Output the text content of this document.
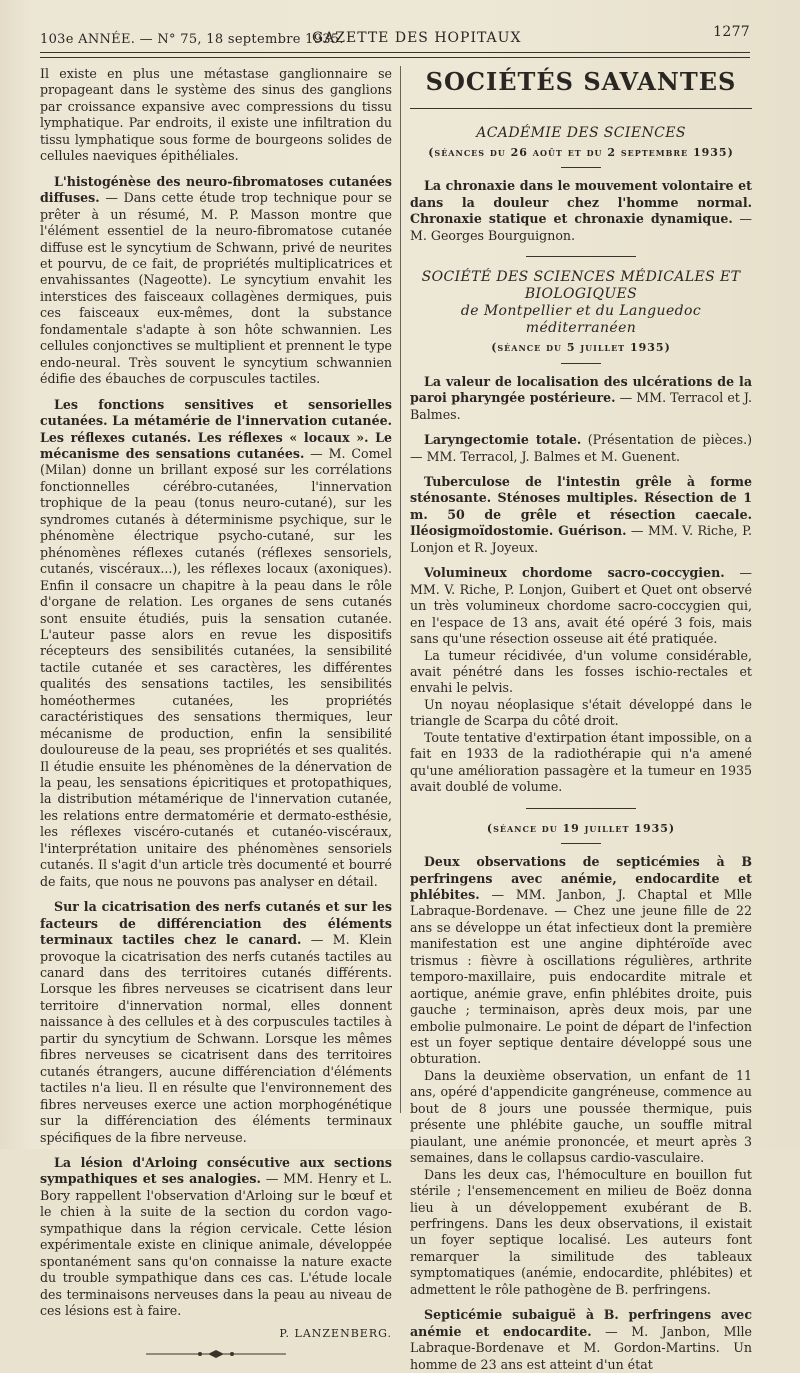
103e ANNÉE. — N° 75, 18 septembre 1935.
GAZETTE DES HOPITAUX	1277

Il existe en plus une métastase ganglionnaire se propageant dans le système des sinus des ganglions par croissance expansive avec compressions du tissu lymphatique. Par endroits, il existe une infiltration du tissu lymphatique sous forme de bourgeons solides de cellules naeviques épithéliales.

L'histogénèse des neuro-fibromatoses cutanées diffuses. — Dans cette étude trop technique pour se prêter à un résumé, M. P. Masson montre que l'élément essentiel de la neuro-fibromatose cutanée diffuse est le syncytium de Schwann, privé de neurites et pourvu, de ce fait, de propriétés multiplicatrices et envahissantes (Nageotte). Le syncytium envahit les interstices des faisceaux collagènes dermiques, puis ces faisceaux eux-mêmes, dont la substance fondamentale s'adapte à son hôte schwannien. Les cellules conjonctives se multiplient et prennent le type endo-neural. Très souvent le syncytium schwannien édifie des ébauches de corpuscules tactiles.

Les fonctions sensitives et sensorielles cutanées. La métamérie de l'innervation cutanée. Les réflexes cutanés. Les réflexes « locaux ». Le mécanisme des sensations cutanées. — M. Comel (Milan) donne un brillant exposé sur les corrélations fonctionnelles cérébro-cutanées, l'innervation trophique de la peau (tonus neuro-cutané), sur les syndromes cutanés à déterminisme psychique, sur le phénomène électrique psycho-cutané, sur les phénomènes réflexes cutanés (réflexes sensoriels, cutanés, viscéraux...), les réflexes locaux (axoniques). Enfin il consacre un chapitre à la peau dans le rôle d'organe de relation. Les organes de sens cutanés sont ensuite étudiés, puis la sensation cutanée. L'auteur passe alors en revue les dispositifs récepteurs des sensibilités cutanées, la sensibilité tactile cutanée et ses caractères, les différentes qualités des sensations tactiles, les sensibilités homéothermes cutanées, les propriétés caractéristiques des sensations thermiques, leur mécanisme de production, enfin la sensibilité douloureuse de la peau, ses propriétés et ses qualités. Il étudie ensuite les phénomènes de la dénervation de la peau, les sensations épicritiques et protopathiques, la distribution métamérique de l'innervation cutanée, les relations entre dermatomérie et dermato-esthésie, les réflexes viscéro-cutanés et cutanéo-viscéraux, l'interprétation unitaire des phénomènes sensoriels cutanés. Il s'agit d'un article très documenté et bourré de faits, que nous ne pouvons pas analyser en détail.

Sur la cicatrisation des nerfs cutanés et sur les facteurs de différenciation des éléments terminaux tactiles chez le canard. — M. Klein provoque la cicatrisation des nerfs cutanés tactiles au canard dans des territoires cutanés différents. Lorsque les fibres nerveuses se cicatrisent dans leur territoire d'innervation normal, elles donnent naissance à des cellules et à des corpuscules tactiles à partir du syncytium de Schwann. Lorsque les mêmes fibres nerveuses se cicatrisent dans des territoires cutanés étrangers, aucune différenciation d'éléments tactiles n'a lieu. Il en résulte que l'environnement des fibres nerveuses exerce une action morphogénétique sur la différenciation des éléments terminaux spécifiques de la fibre nerveuse.

La lésion d'Arloing consécutive aux sections sympathiques et ses analogies. — MM. Henry et L. Bory rappellent l'observation d'Arloing sur le bœuf et le chien à la suite de la section du cordon vago-sympathique dans la région cervicale. Cette lésion expérimentale existe en clinique animale, développée spontanément sans qu'on connaisse la nature exacte du trouble sympathique dans ces cas. L'étude locale des terminaisons nerveuses dans la peau au niveau de ces lésions est à faire.

P. LANZENBERG.

SOCIÉTÉS SAVANTES
ACADÉMIE DES SCIENCES
(séances du 26 août et du 2 septembre 1935)

La chronaxie dans le mouvement volontaire et dans la douleur chez l'homme normal. Chronaxie statique et chronaxie dynamique. — M. Georges Bourguignon.

SOCIÉTÉ DES SCIENCES MÉDICALES ET BIOLOGIQUES
de Montpellier et du Languedoc méditerranéen
(séance du 5 juillet 1935)

La valeur de localisation des ulcérations de la paroi pharyngée postérieure. — MM. Terracol et J. Balmes.

Laryngectomie totale. (Présentation de pièces.) — MM. Terracol, J. Balmes et M. Guenent.

Tuberculose de l'intestin grêle à forme sténosante. Sténoses multiples. Résection de 1 m. 50 de grêle et résection caecale. Iléosigmoïdostomie. Guérison. — MM. V. Riche, P. Lonjon et R. Joyeux.

Volumineux chordome sacro-coccygien. — MM. V. Riche, P. Lonjon, Guibert et Quet ont observé un très volumineux chordome sacro-coccygien qui, en l'espace de 13 ans, avait été opéré 3 fois, mais sans qu'une résection osseuse ait été pratiquée.

La tumeur récidivée, d'un volume considérable, avait pénétré dans les fosses ischio-rectales et envahi le pelvis.

Un noyau néoplasique s'était développé dans le triangle de Scarpa du côté droit.

Toute tentative d'extirpation étant impossible, on a fait en 1933 de la radiothérapie qui n'a amené qu'une amélioration passagère et la tumeur en 1935 avait doublé de volume.

(séance du 19 juillet 1935)

Deux observations de septicémies à B perfringens avec anémie, endocardite et phlébites. — MM. Janbon, J. Chaptal et Mlle Labraque-Bordenave. — Chez une jeune fille de 22 ans se développe un état infectieux dont la première manifestation est une angine diphtéroïde avec trismus : fièvre à oscillations régulières, arthrite temporo-maxillaire, puis endocardite mitrale et aortique, anémie grave, enfin phlébites droite, puis gauche ; terminaison, après deux mois, par une embolie pulmonaire. Le point de départ de l'infection est un foyer septique dentaire développé sous une obturation.

Dans la deuxième observation, un enfant de 11 ans, opéré d'appendicite gangréneuse, commence au bout de 8 jours une poussée thermique, puis présente une phlébite gauche, un souffle mitral piaulant, une anémie prononcée, et meurt après 3 semaines, dans le collapsus cardio-vasculaire.

Dans les deux cas, l'hémoculture en bouillon fut stérile ; l'ensemencement en milieu de Boëz donna lieu à un développement exubérant de B. perfringens. Dans les deux observations, il existait un foyer septique localisé. Les auteurs font remarquer la similitude des tableaux symptomatiques (anémie, endocardite, phlébites) et admettent le rôle pathogène de B. perfringens.

Septicémie subaiguë à B. perfringens avec anémie et endocardite. — M. Janbon, Mlle Labraque-Bordenave et M. Gordon-Martins. Un homme de 23 ans est atteint d'un état
